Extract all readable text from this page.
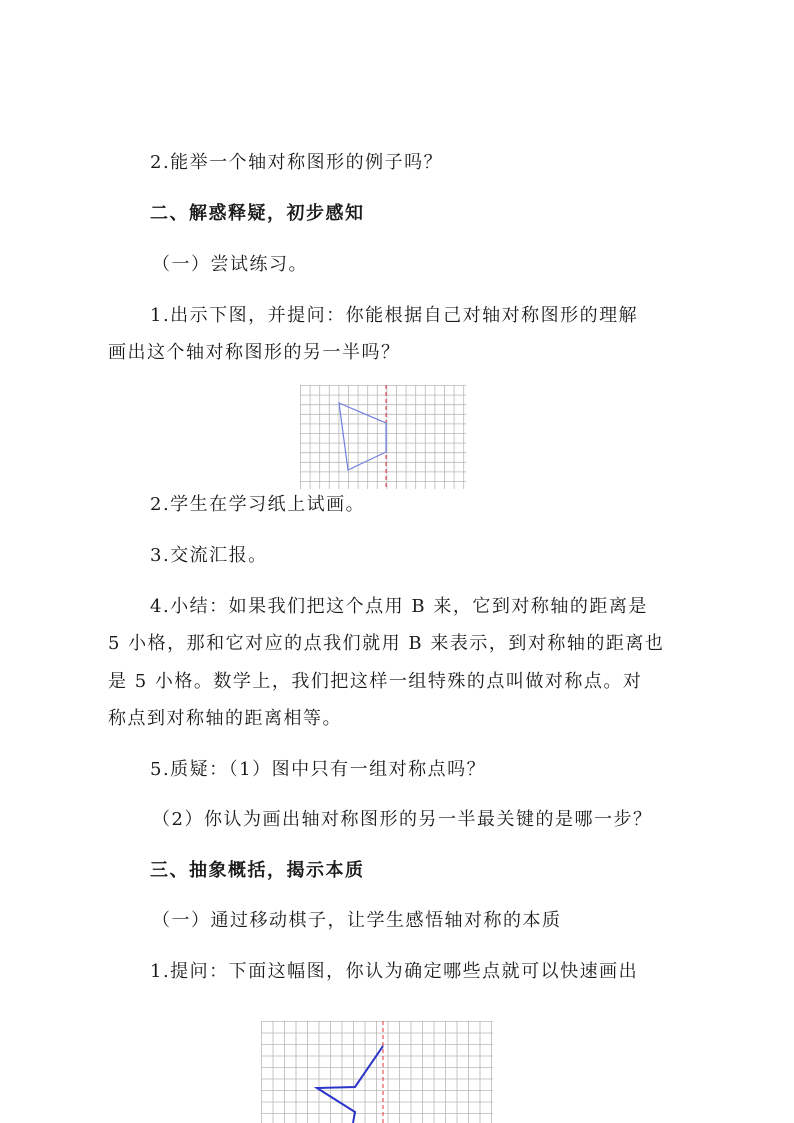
2.能举一个轴对称图形的例子吗？
二、解惑释疑，初步感知
（一）尝试练习。
1.出示下图，并提问：你能根据自己对轴对称图形的理解
画出这个轴对称图形的另一半吗？
2.学生在学习纸上试画。
3.交流汇报。
4.小结：如果我们把这个点用 B 来，它到对称轴的距离是
5 小格，那和它对应的点我们就用 B 来表示，到对称轴的距离也
是 5 小格。数学上，我们把这样一组特殊的点叫做对称点。对
称点到对称轴的距离相等。
5.质疑：（1）图中只有一组对称点吗？
（2）你认为画出轴对称图形的另一半最关键的是哪一步？
三、抽象概括，揭示本质
（一）通过移动棋子，让学生感悟轴对称的本质
1.提问：下面这幅图，你认为确定哪些点就可以快速画出
